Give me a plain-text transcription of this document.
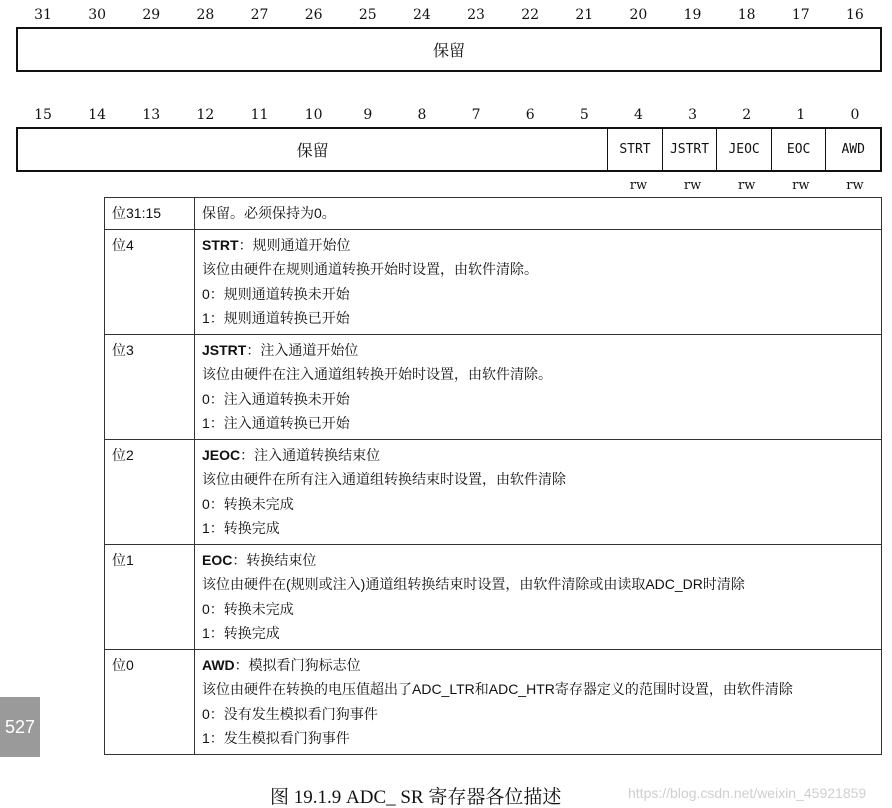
31	30	29	28	27	26	25	24	23	22	21	20	19	18	17	16
保留
15	14	13	12	11	10	9	8	7	6	5	4	3	2	1	0
保留	STRT	JSTRT	JEOC	EOC	AWD
rw	rw	rw	rw	rw
位31:15	保留。必须保持为0。

位4	STRT：规则通道开始位
该位由硬件在规则通道转换开始时设置，由软件清除。
0：规则通道转换未开始
1：规则通道转换已开始

位3	JSTRT：注入通道开始位
该位由硬件在注入通道组转换开始时设置，由软件清除。
0：注入通道转换未开始
1：注入通道转换已开始

位2	JEOC：注入通道转换结束位
该位由硬件在所有注入通道组转换结束时设置，由软件清除
0：转换未完成
1：转换完成

位1	EOC：转换结束位
该位由硬件在(规则或注入)通道组转换结束时设置，由软件清除或由读取ADC_DR时清除
0：转换未完成
1：转换完成

位0	AWD：模拟看门狗标志位
该位由硬件在转换的电压值超出了ADC_LTR和ADC_HTR寄存器定义的范围时设置，由软件清除
0：没有发生模拟看门狗事件
1：发生模拟看门狗事件
527
图 19.1.9 ADC_ SR 寄存器各位描述	https://blog.csdn.net/weixin_45921859
